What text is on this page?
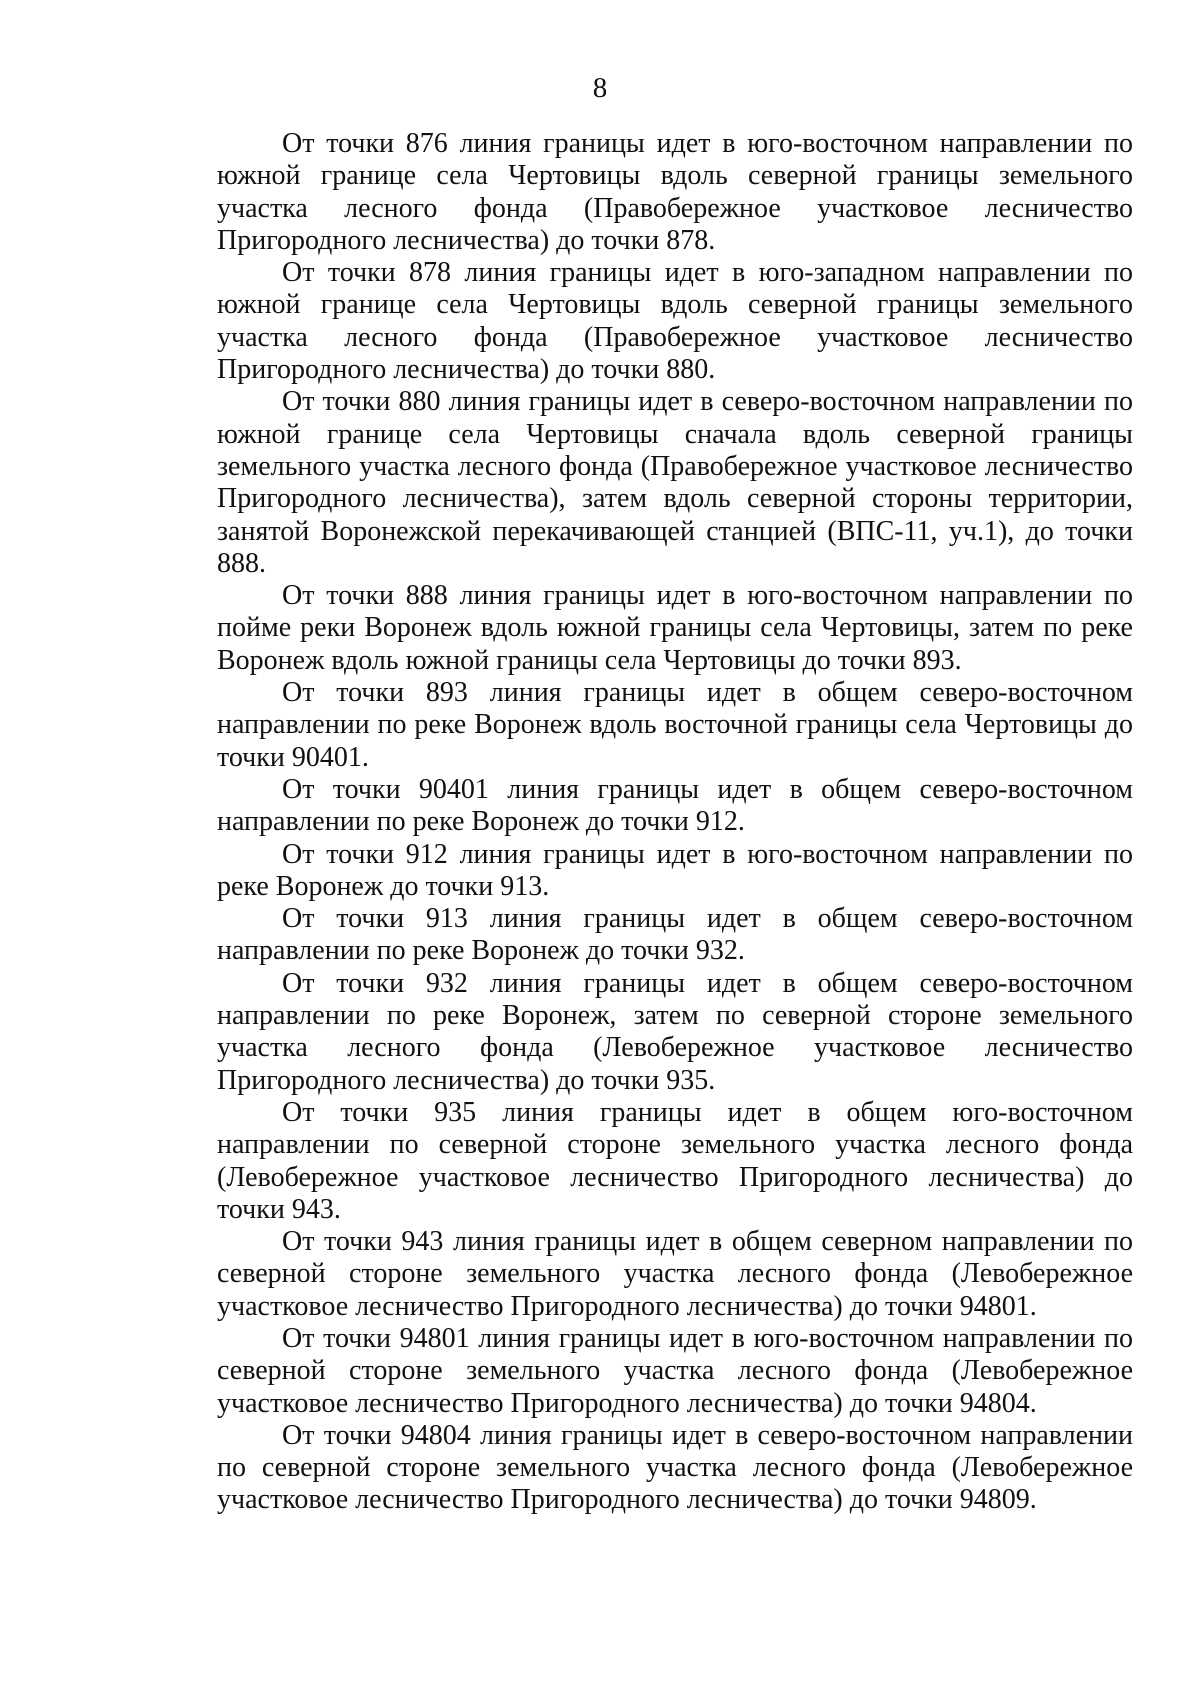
8

От точки 876 линия границы идет в юго-восточном направлении по южной границе села Чертовицы вдоль северной границы земельного участка лесного фонда (Правобережное участковое лесничество Пригородного лесничества) до точки 878.

От точки 878 линия границы идет в юго-западном направлении по южной границе села Чертовицы вдоль северной границы земельного участка лесного фонда (Правобережное участковое лесничество Пригородного лесничества) до точки 880.

От точки 880 линия границы идет в северо-восточном направлении по южной границе села Чертовицы сначала вдоль северной границы земельного участка лесного фонда (Правобережное участковое лесничество Пригородного лесничества), затем вдоль северной стороны территории, занятой Воронежской перекачивающей станцией (ВПС-11, уч.1), до точки 888.

От точки 888 линия границы идет в юго-восточном направлении по пойме реки Воронеж вдоль южной границы села Чертовицы, затем по реке Воронеж вдоль южной границы села Чертовицы до точки 893.

От точки 893 линия границы идет в общем северо-восточном направлении по реке Воронеж вдоль восточной границы села Чертовицы до точки 90401.

От точки 90401 линия границы идет в общем северо-восточном направлении по реке Воронеж до точки 912.

От точки 912 линия границы идет в юго-восточном направлении по реке Воронеж до точки 913.

От точки 913 линия границы идет в общем северо-восточном направлении по реке Воронеж до точки 932.

От точки 932 линия границы идет в общем северо-восточном направлении по реке Воронеж, затем по северной стороне земельного участка лесного фонда (Левобережное участковое лесничество Пригородного лесничества) до точки 935.

От точки 935 линия границы идет в общем юго-восточном направлении по северной стороне земельного участка лесного фонда (Левобережное участковое лесничество Пригородного лесничества) до точки 943.

От точки 943 линия границы идет в общем северном направлении по северной стороне земельного участка лесного фонда (Левобережное участковое лесничество Пригородного лесничества) до точки 94801.

От точки 94801 линия границы идет в юго-восточном направлении по северной стороне земельного участка лесного фонда (Левобережное участковое лесничество Пригородного лесничества) до точки 94804.

От точки 94804 линия границы идет в северо-восточном направлении по северной стороне земельного участка лесного фонда (Левобережное участковое лесничество Пригородного лесничества) до точки 94809.
